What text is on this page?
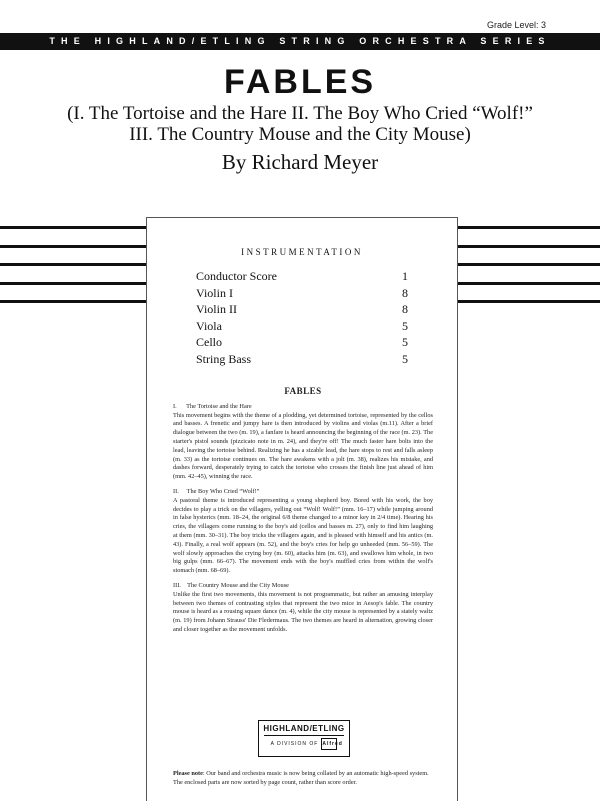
Grade Level: 3
THE HIGHLAND/ETLING STRING ORCHESTRA SERIES
FABLES
(I. The Tortoise and the Hare II. The Boy Who Cried “Wolf!”
III. The Country Mouse and the City Mouse)
By Richard Meyer
INSTRUMENTATION
Conductor Score	1
Violin I	8
Violin II	8
Viola	5
Cello	5
String Bass	5
FABLES
I.      The Tortoise and the Hare

This movement begins with the theme of a plodding, yet determined tortoise, represented by the cellos and basses. A frenetic and jumpy hare is then introduced by violins and violas (m.11). After a brief dialogue between the two (m. 19), a fanfare is heard announcing the beginning of the race (m. 23). The starter's pistol sounds (pizzicato note in m. 24), and they're off! The much faster hare bolts into the lead, leaving the tortoise behind. Realizing he has a sizable lead, the hare stops to rest and falls asleep (m. 33) as the tortoise continues on. The hare awakens with a jolt (m. 38), realizes his mistake, and dashes forward, desperately trying to catch the tortoise who crosses the finish line just ahead of him (mm. 42–45), winning the race.

II.     The Boy Who Cried “Wolf!”

A pastoral theme is introduced representing a young shepherd boy. Bored with his work, the boy decides to play a trick on the villagers, yelling out “Wolf! Wolf!” (mm. 16–17) while jumping around in false hysterics (mm. 18–24, the original 6/8 theme changed to a minor key in 2/4 time). Hearing his cries, the villagers come running to the boy's aid (cellos and basses m. 27), only to find him laughing at them (mm. 30–31). The boy tricks the villagers again, and is pleased with himself and his antics (m. 43). Finally, a real wolf appears (m. 52), and the boy's cries for help go unheeded (mm. 56–59). The wolf slowly approaches the crying boy (m. 60), attacks him (m. 63), and swallows him whole, in two big gulps (mm. 66–67). The movement ends with the boy's muffled cries from within the wolf's stomach (mm. 68–69).

III.    The Country Mouse and the City Mouse

Unlike the first two movements, this movement is not programmatic, but rather an amusing interplay between two themes of contrasting styles that represent the two mice in Aesop's fable. The country mouse is heard as a rousing square dance (m. 4), while the city mouse is represented by a stately waltz (m. 19) from Johann Strauss' Die Fledermaus. The two themes are heard in alternation, growing closer and closer together as the movement unfolds.

HIGHLAND/ETLING
A DIVISION OF Alfred
Please note: Our band and orchestra music is now being collated by an automatic high-speed system. The enclosed parts are now sorted by page count, rather than score order.
